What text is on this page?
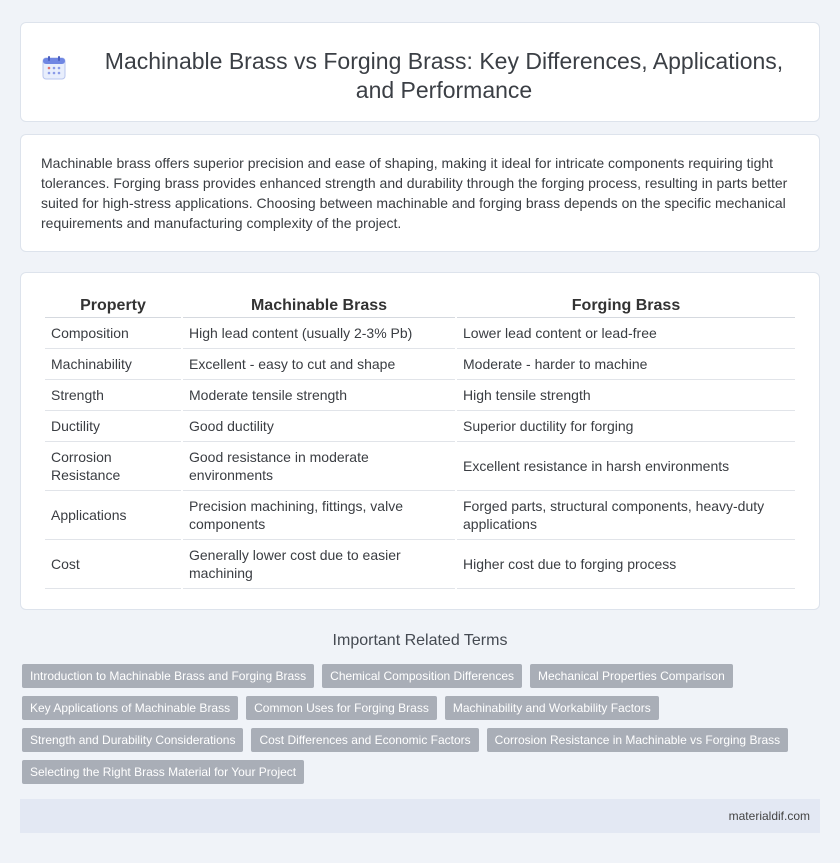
Machinable Brass vs Forging Brass: Key Differences, Applications, and Performance

Machinable brass offers superior precision and ease of shaping, making it ideal for intricate components requiring tight tolerances. Forging brass provides enhanced strength and durability through the forging process, resulting in parts better suited for high-stress applications. Choosing between machinable and forging brass depends on the specific mechanical requirements and manufacturing complexity of the project.

Property	Machinable Brass	Forging Brass
Composition	High lead content (usually 2-3% Pb)	Lower lead content or lead-free
Machinability	Excellent - easy to cut and shape	Moderate - harder to machine
Strength	Moderate tensile strength	High tensile strength
Ductility	Good ductility	Superior ductility for forging
Corrosion Resistance	Good resistance in moderate environments	Excellent resistance in harsh environments
Applications	Precision machining, fittings, valve components	Forged parts, structural components, heavy-duty applications
Cost	Generally lower cost due to easier machining	Higher cost due to forging process
Important Related Terms
Introduction to Machinable Brass and Forging Brass	Chemical Composition Differences	Mechanical Properties Comparison
Key Applications of Machinable Brass	Common Uses for Forging Brass	Machinability and Workability Factors
Strength and Durability Considerations	Cost Differences and Economic Factors	Corrosion Resistance in Machinable vs Forging Brass
Selecting the Right Brass Material for Your Project
materialdif.com
